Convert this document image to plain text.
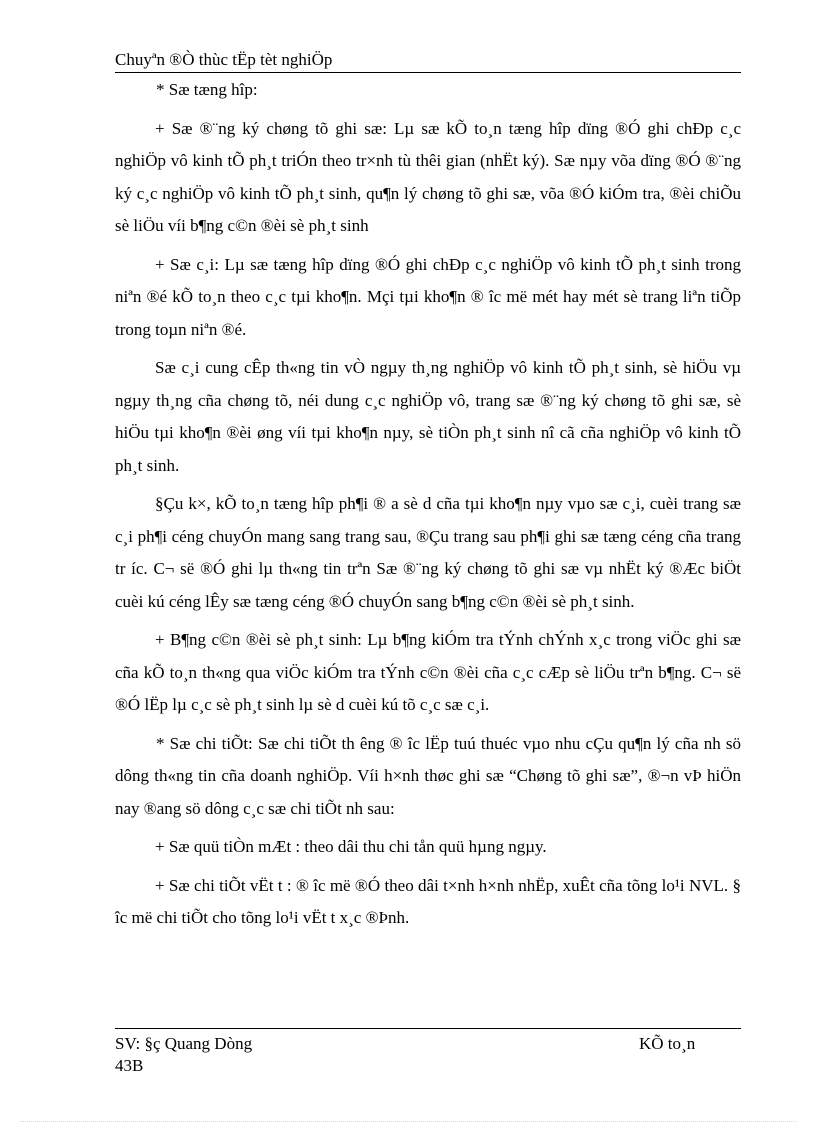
Chuyªn ®Ò thùc tËp tèt nghiÖp

* Sæ tæng hîp:

+ Sæ ®¨ng ký chøng tõ ghi sæ: Lµ sæ kÕ to¸n tæng hîp dïng ®Ó ghi chÐp c¸c nghiÖp vô kinh tÕ ph¸t triÓn theo tr×nh tù thêi gian (nhËt ký). Sæ nµy võa dïng ®Ó ®¨ng ký c¸c nghiÖp vô kinh tÕ ph¸t sinh, qu¶n lý chøng tõ ghi sæ, võa ®Ó kiÓm tra, ®èi chiÕu sè liÖu víi b¶ng c©n ®èi sè ph¸t sinh

+ Sæ c¸i: Lµ sæ tæng hîp dïng ®Ó ghi chÐp c¸c nghiÖp vô kinh tÕ ph¸t sinh trong niªn ®é kÕ to¸n theo c¸c tµi kho¶n. Mçi tµi kho¶n ® îc më mét hay mét sè trang liªn tiÕp trong toµn niªn ®é.

Sæ c¸i cung cÊp th«ng tin vÒ ngµy th¸ng nghiÖp vô kinh tÕ ph¸t sinh, sè hiÖu vµ ngµy th¸ng cña chøng tõ, néi dung c¸c nghiÖp vô, trang sæ ®¨ng ký chøng tõ ghi sæ, sè hiÖu tµi kho¶n ®èi øng víi tµi kho¶n nµy, sè tiÒn ph¸t sinh nî cã cña nghiÖp vô kinh tÕ ph¸t sinh.

§Çu k×, kÕ to¸n tæng hîp ph¶i ® a sè d cña tµi kho¶n nµy vµo sæ c¸i, cuèi trang sæ c¸i ph¶i céng chuyÓn mang sang trang sau, ®Çu trang sau ph¶i ghi sæ tæng céng cña trang tr íc. C¬ së ®Ó ghi lµ th«ng tin trªn Sæ ®¨ng ký chøng tõ ghi sæ vµ nhËt ký ®Æc biÖt cuèi kú céng lÊy sæ tæng céng ®Ó chuyÓn sang b¶ng c©n ®èi sè ph¸t sinh.

+ B¶ng c©n ®èi sè ph¸t sinh: Lµ b¶ng kiÓm tra tÝnh chÝnh x¸c trong viÖc ghi sæ cña kÕ to¸n th«ng qua viÖc kiÓm tra tÝnh c©n ®èi cña c¸c cÆp sè liÖu trªn b¶ng. C¬ së ®Ó lËp lµ c¸c sè ph¸t sinh lµ sè d cuèi kú tõ c¸c sæ c¸i.

* Sæ chi tiÕt: Sæ chi tiÕt th êng ® îc lËp tuú thuéc vµo nhu cÇu qu¶n lý cña nh sö dông th«ng tin cña doanh nghiÖp. Víi h×nh thøc ghi sæ “Chøng tõ ghi sæ”, ®¬n vÞ hiÖn nay ®ang sö dông c¸c sæ chi tiÕt nh sau:

+ Sæ quü tiÒn mÆt : theo dâi thu chi tån quü hµng ngµy.

+ Sæ chi tiÕt vËt t : ® îc më ®Ó theo dâi t×nh h×nh nhËp, xuÊt cña tõng lo¹i NVL. § îc më chi tiÕt cho tõng lo¹i vËt t x¸c ®Þnh.

SV: §ç Quang Dòng	KÕ to¸n
43B
